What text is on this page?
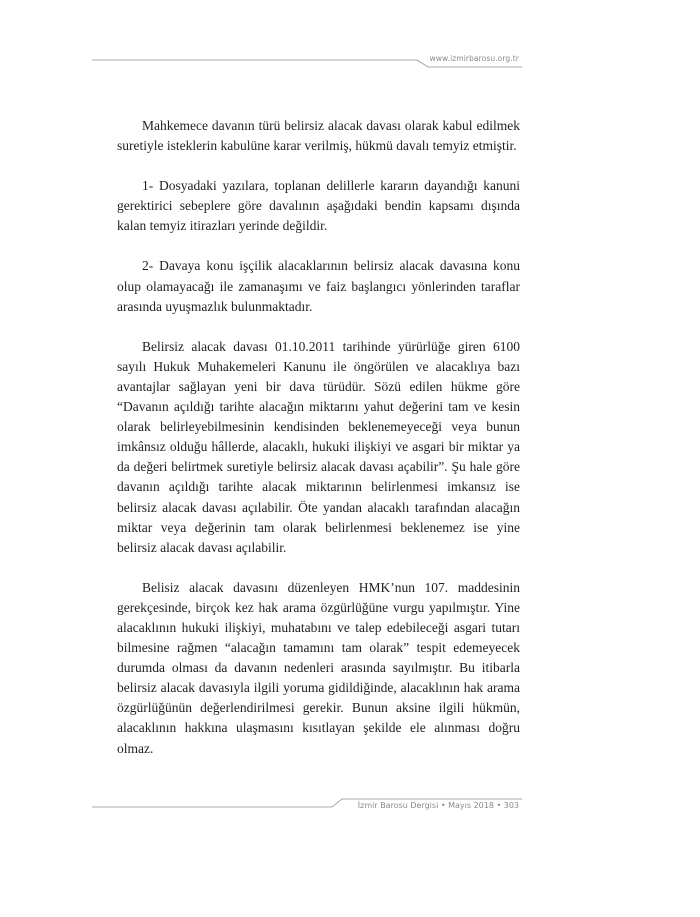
www.izmirbarosu.org.tr

Mahkemece davanın türü belirsiz alacak davası olarak kabul edilmek suretiyle isteklerin kabulüne karar verilmiş, hükmü davalı temyiz etmiştir.

1- Dosyadaki yazılara, toplanan delillerle kararın dayandığı kanuni gerektirici sebeplere göre davalının aşağıdaki bendin kapsamı dışında kalan temyiz itirazları yerinde değildir.

2- Davaya konu işçilik alacaklarının belirsiz alacak davasına konu olup olamayacağı ile zamanaşımı ve faiz başlangıcı yönlerinden taraflar arasında uyuşmazlık bulunmaktadır.

Belirsiz alacak davası 01.10.2011 tarihinde yürürlüğe giren 6100 sayılı Hukuk Muhakemeleri Kanunu ile öngörülen ve alacaklıya bazı avantajlar sağlayan yeni bir dava türüdür. Sözü edilen hükme göre “Davanın açıldığı tarihte alacağın miktarını yahut değerini tam ve kesin olarak belirleyebilmesinin kendisinden beklenemeyeceği veya bunun imkânsız olduğu hâllerde, alacaklı, hukuki ilişkiyi ve asgari bir miktar ya da değeri belirtmek suretiyle belirsiz alacak davası açabilir”. Şu hale göre davanın açıldığı tarihte alacak miktarının belirlenmesi imkansız ise belirsiz alacak davası açılabilir. Öte yandan alacaklı tarafından alacağın miktar veya değerinin tam olarak belirlenmesi beklenemez ise yine belirsiz alacak davası açılabilir.

Belisiz alacak davasını düzenleyen HMK’nun 107. maddesinin gerekçesinde, birçok kez hak arama özgürlüğüne vurgu yapılmıştır. Yine alacaklının hukuki ilişkiyi, muhatabını ve talep edebileceği asgari tutarı bilmesine rağmen “alacağın tamamını tam olarak” tespit edemeyecek durumda olması da davanın nedenleri arasında sayılmıştır. Bu itibarla belirsiz alacak davasıyla ilgili yoruma gidildiğinde, alacaklının hak arama özgürlüğünün değerlendirilmesi gerekir. Bunun aksine ilgili hükmün, alacaklının hakkına ulaşmasını kısıtlayan şekilde ele alınması doğru olmaz.

İzmir Barosu Dergisi • Mayıs 2018 • 303
